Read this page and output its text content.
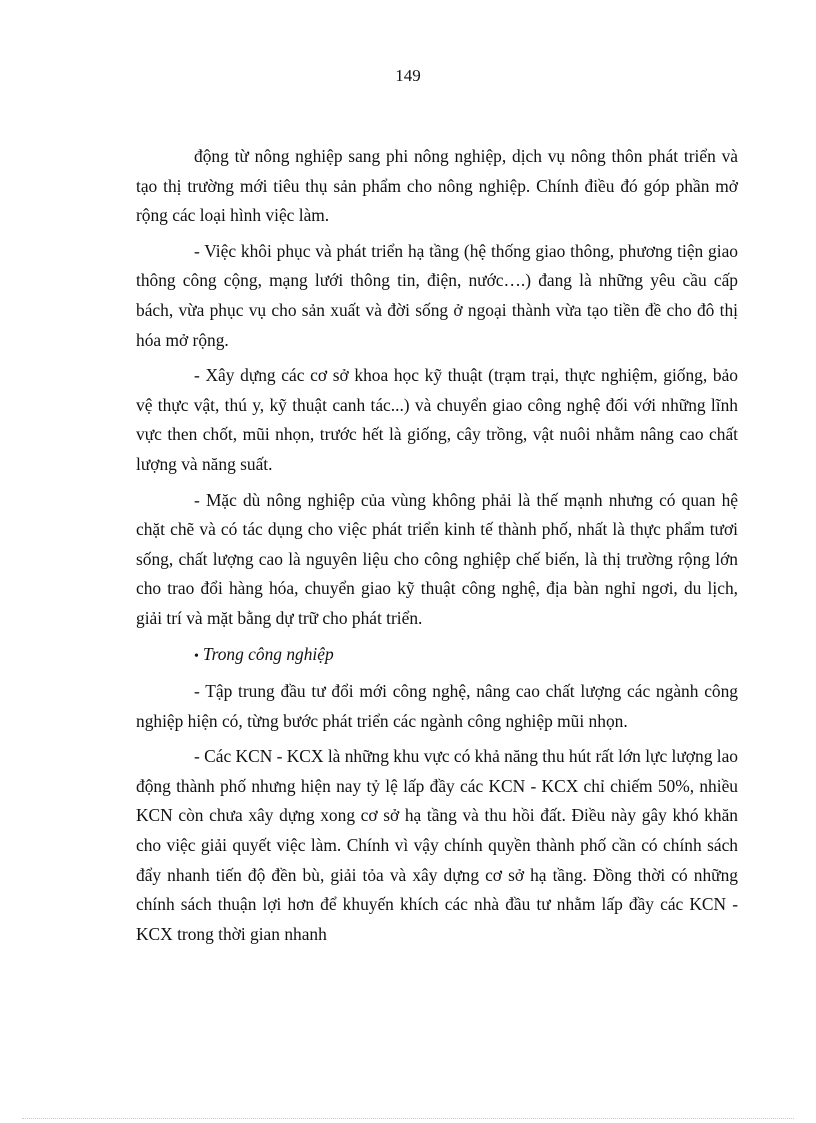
149

động từ nông nghiệp sang phi nông nghiệp, dịch vụ nông thôn phát triển và tạo thị trường mới tiêu thụ sản phẩm cho nông nghiệp. Chính điều đó góp phần mở rộng các loại hình việc làm.

- Việc khôi phục và phát triển hạ tầng (hệ thống giao thông, phương tiện giao thông công cộng, mạng lưới thông tin, điện, nước….) đang là những yêu cầu cấp bách, vừa phục vụ cho sản xuất và đời sống ở ngoại thành vừa tạo tiền đề cho đô thị hóa mở rộng.

- Xây dựng các cơ sở khoa học kỹ thuật (trạm trại, thực nghiệm, giống, bảo vệ thực vật, thú y, kỹ thuật canh tác...) và chuyển giao công nghệ đối với những lĩnh vực then chốt, mũi nhọn, trước hết là giống, cây trồng, vật nuôi nhằm nâng cao chất lượng và năng suất.

- Mặc dù nông nghiệp của vùng không phải là thế mạnh nhưng có quan hệ chặt chẽ và có tác dụng cho việc phát triển kinh tế thành phố, nhất là thực phẩm tươi sống, chất lượng cao là nguyên liệu cho công nghiệp chế biến, là thị trường rộng lớn cho trao đổi hàng hóa, chuyển giao kỹ thuật công nghệ, địa bàn nghỉ ngơi, du lịch, giải trí và mặt bằng dự trữ cho phát triển.

• Trong công nghiệp

- Tập trung đầu tư đổi mới công nghệ, nâng cao chất lượng các ngành công nghiệp hiện có, từng bước phát triển các ngành công nghiệp mũi nhọn.

- Các KCN - KCX là những khu vực có khả năng thu hút rất lớn lực lượng lao động thành phố nhưng hiện nay tỷ lệ lấp đầy các KCN - KCX chỉ chiếm 50%, nhiều KCN còn chưa xây dựng xong cơ sở hạ tầng và thu hồi đất. Điều này gây khó khăn cho việc giải quyết việc làm. Chính vì vậy chính quyền thành phố cần có chính sách đẩy nhanh tiến độ đền bù, giải tỏa và xây dựng cơ sở hạ tầng. Đồng thời có những chính sách thuận lợi hơn để khuyến khích các nhà đầu tư nhằm lấp đầy các KCN - KCX trong thời gian nhanh
